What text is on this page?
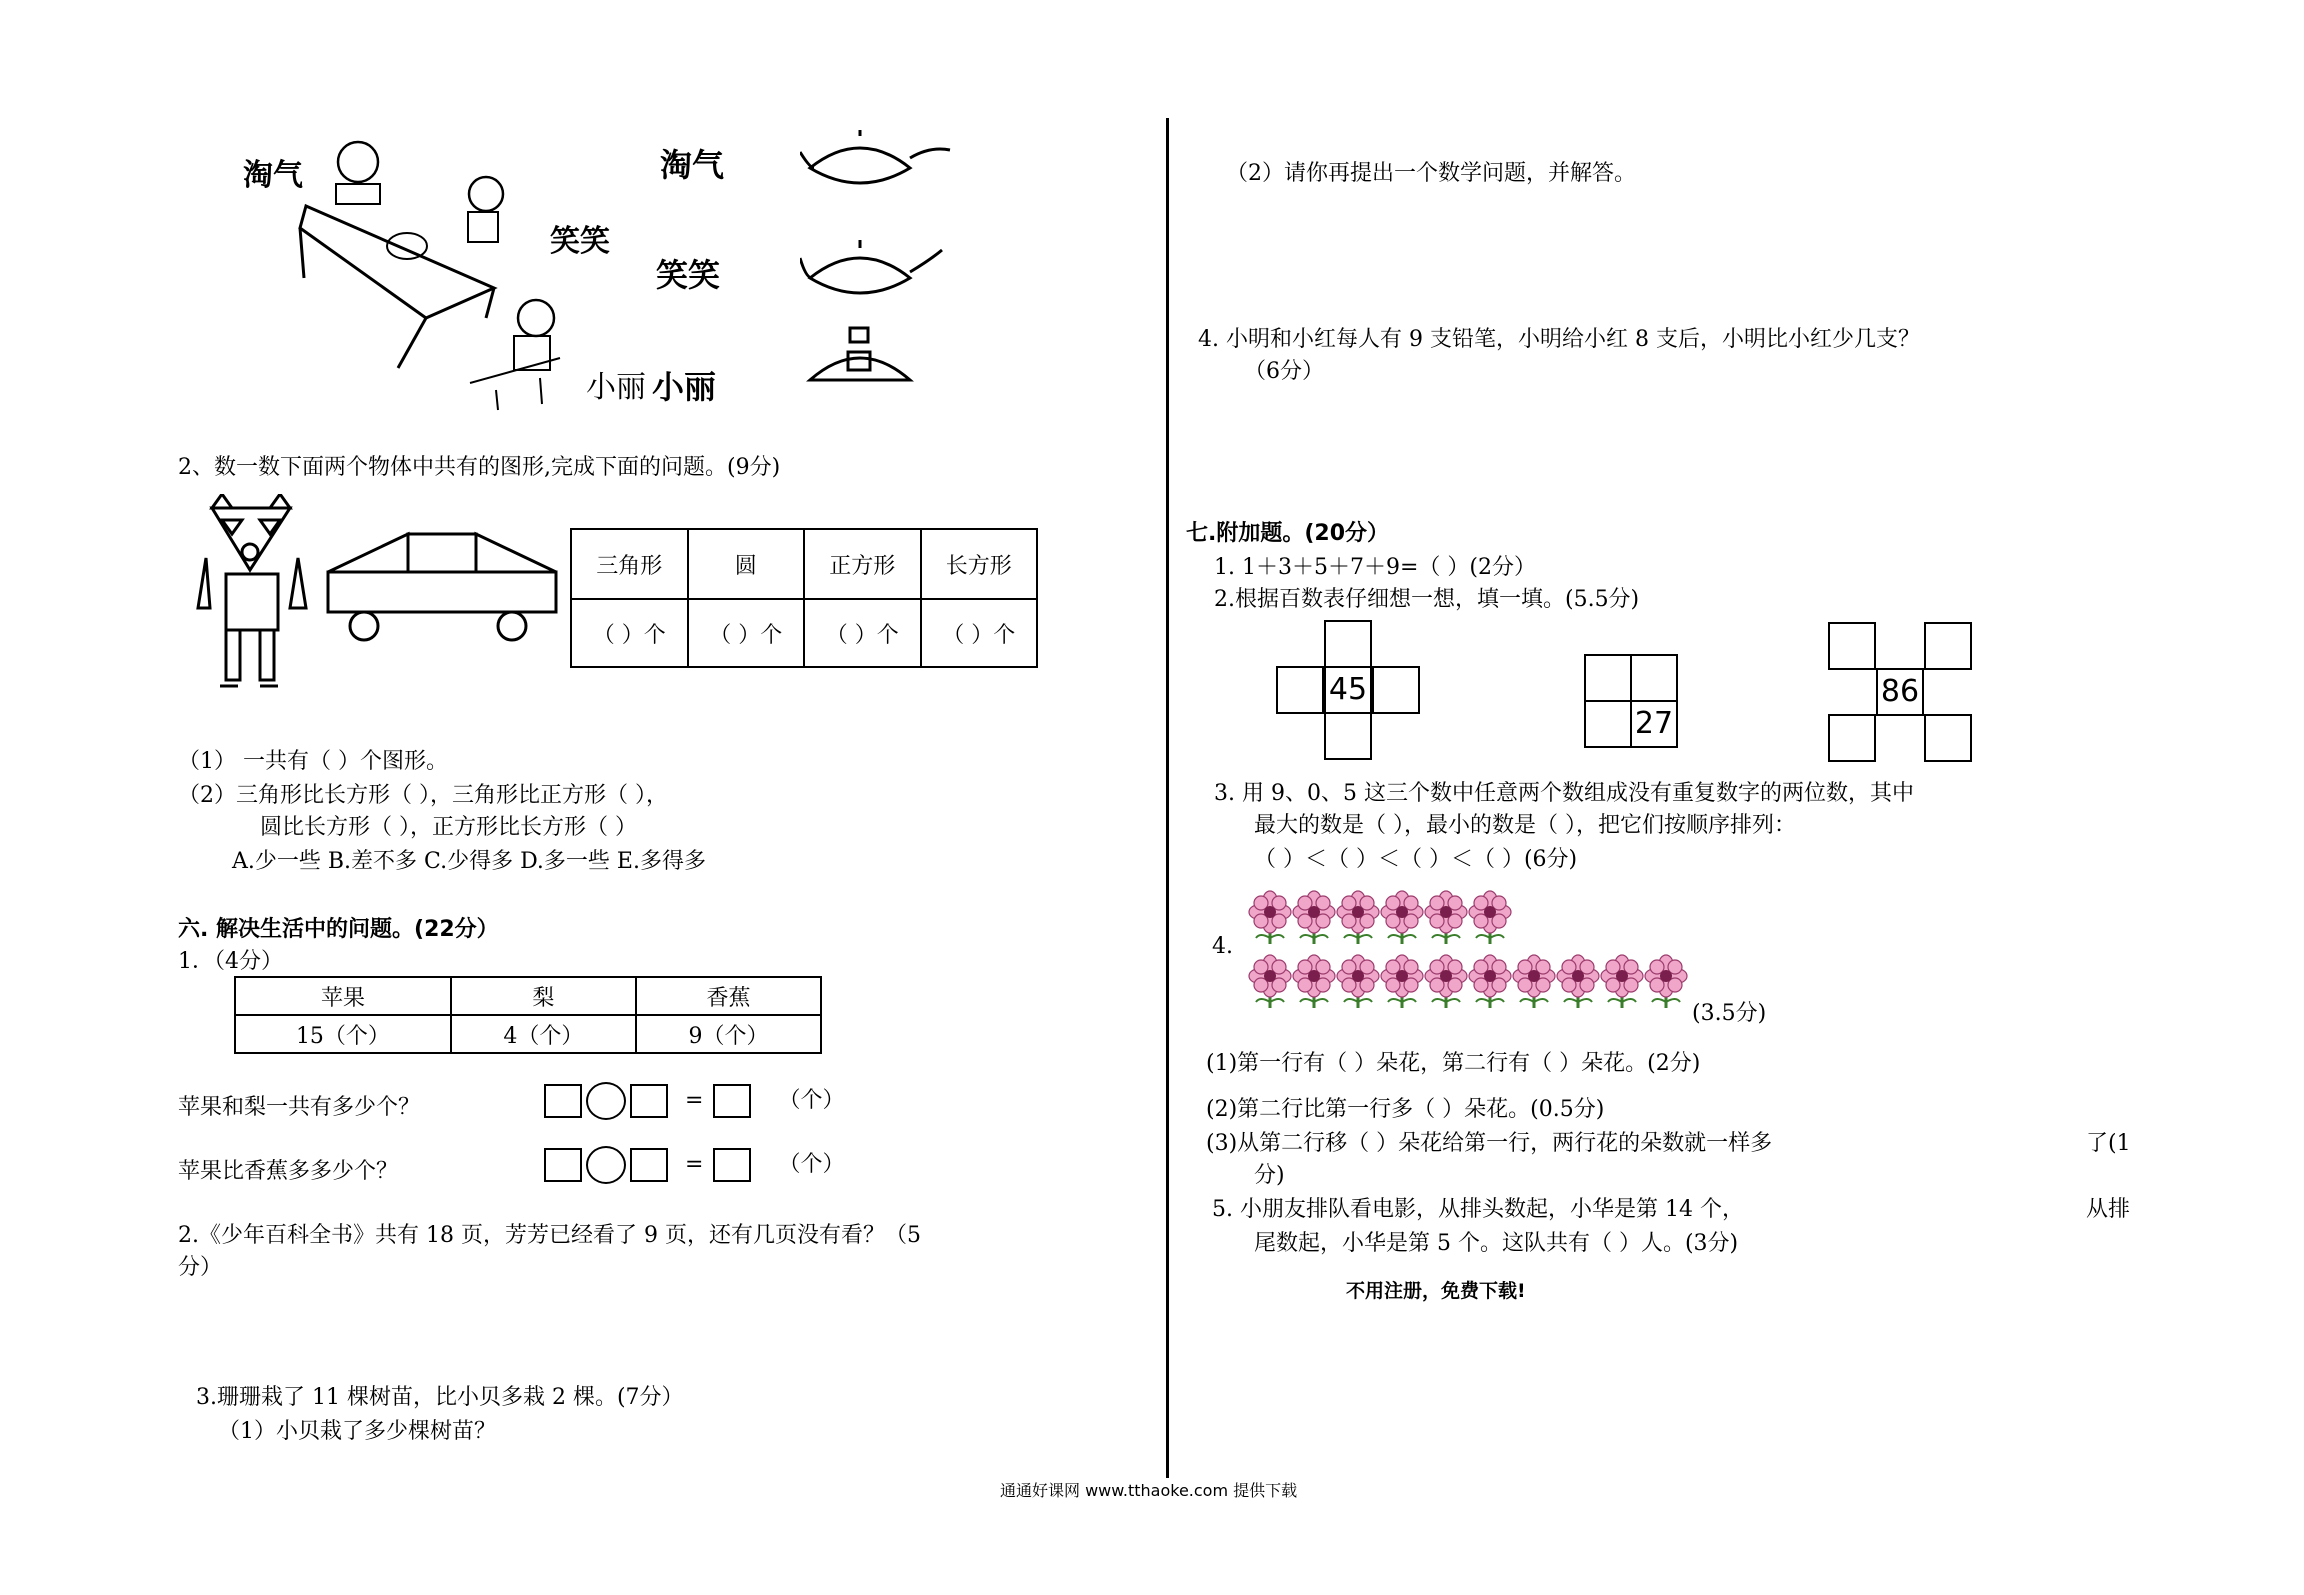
淘气
笑笑
小丽
淘气
笑笑
小丽
2、数一数下面两个物体中共有的图形,完成下面的问题。(9分)
三角形	圆	正方形	长方形
（ ）个	（ ）个	（ ）个	（ ）个
（1） 一共有（ ）个图形。
（2）三角形比长方形（ ），三角形比正方形（ ），
圆比长方形（ ），正方形比长方形（ ）
A.少一些 B.差不多 C.少得多 D.多一些 E.多得多
六. 解决生活中的问题。(22分）
1．（4分）
苹果	梨	香蕉
15（个）	4（个）	9（个）
苹果和梨一共有多少个？	=	（个）
苹果比香蕉多多少个？	=	（个）
2.《少年百科全书》共有 18 页，芳芳已经看了 9 页，还有几页没有看？（5
分）
3.珊珊栽了 11 棵树苗，比小贝多栽 2 棵。(7分）
（1）小贝栽了多少棵树苗？
（2）请你再提出一个数学问题，并解答。
4. 小明和小红每人有 9 支铅笔，小明给小红 8 支后，小明比小红少几支？
（6分）
七.附加题。(20分）
1. 1＋3＋5＋7＋9=（ ）(2分）
2.根据百数表仔细想一想，填一填。(5.5分)
45
27
86
3. 用 9、0、5 这三个数中任意两个数组成没有重复数字的两位数，其中
最大的数是（ ），最小的数是（ ），把它们按顺序排列：
（ ）＜（ ）＜（ ）＜（ ）(6分)
4.
(3.5分)
(1)第一行有（ ）朵花，第二行有（ ）朵花。(2分)
(2)第二行比第一行多（ ）朵花。(0.5分)
(3)从第二行移（ ）朵花给第一行，两行花的朵数就一样多	了(1
分)
5. 小朋友排队看电影，从排头数起，小华是第 14 个，	从排
尾数起，小华是第 5 个。这队共有（ ）人。(3分)
不用注册，免费下载!
通通好课网 www.tthaoke.com 提供下载
